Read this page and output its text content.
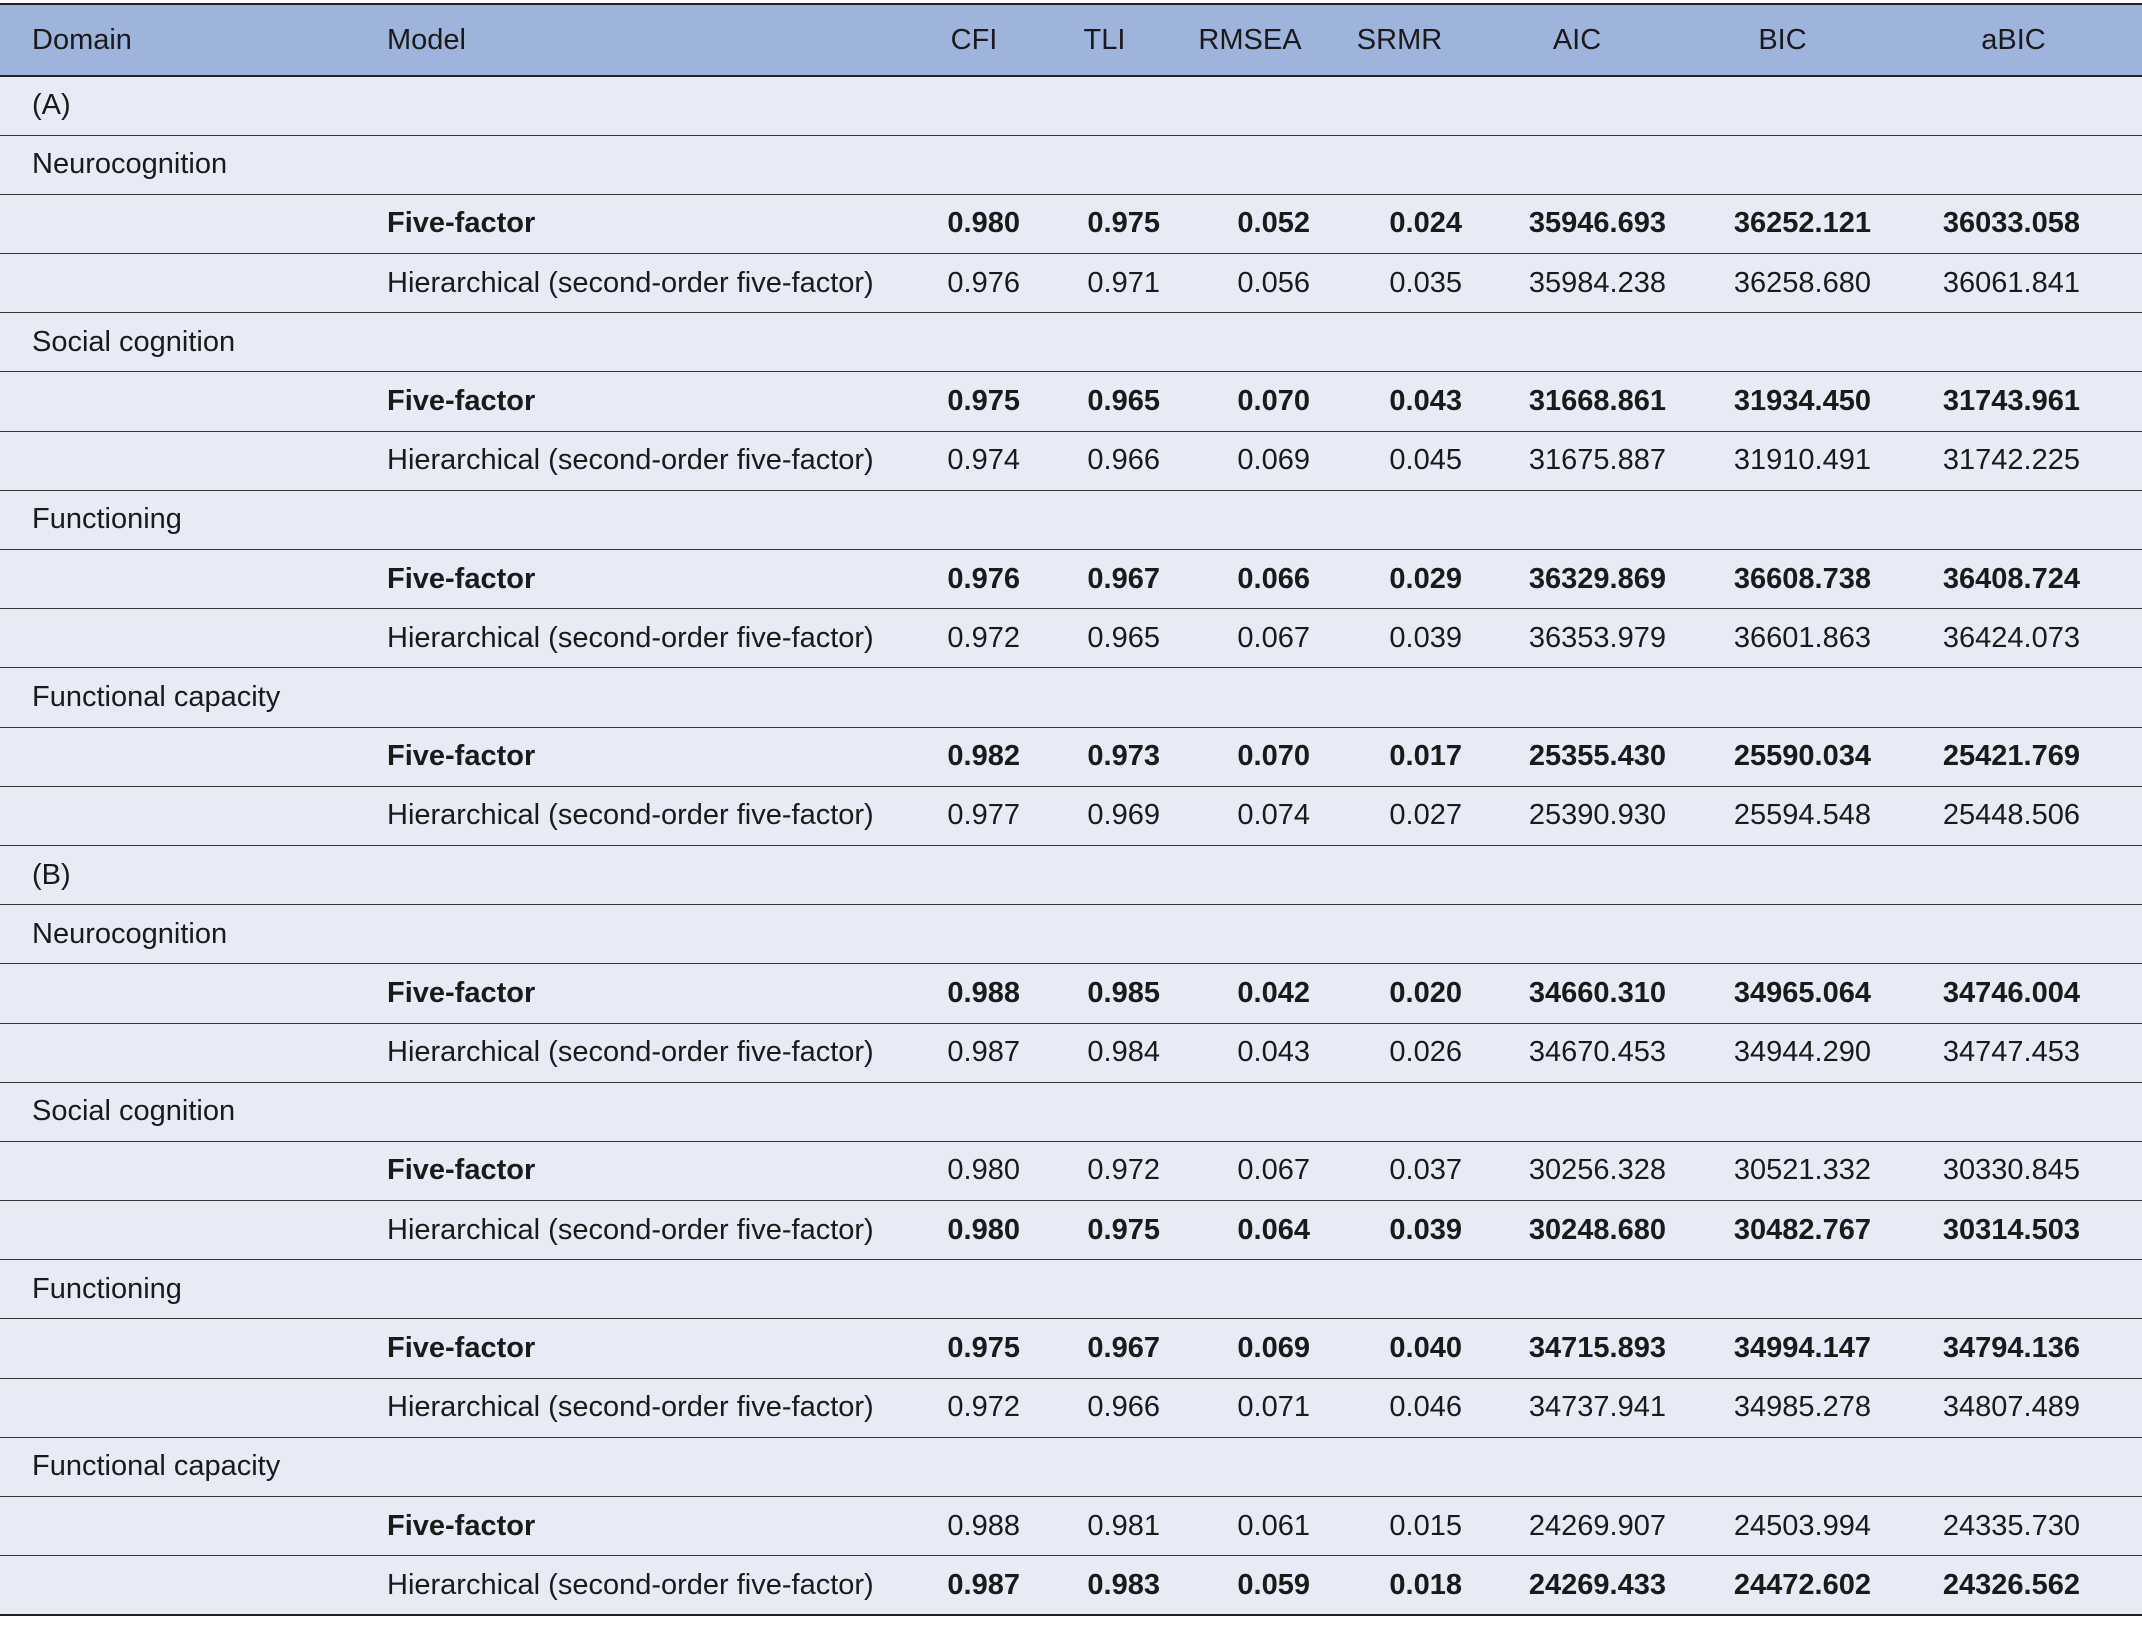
Domain	Model	CFI	TLI	RMSEA	SRMR	AIC	BIC	aBIC
(A)								
Neurocognition								
	Five-factor	0.980	0.975	0.052	0.024	35946.693	36252.121	36033.058
	Hierarchical (second-order five-factor)	0.976	0.971	0.056	0.035	35984.238	36258.680	36061.841
Social cognition								
	Five-factor	0.975	0.965	0.070	0.043	31668.861	31934.450	31743.961
	Hierarchical (second-order five-factor)	0.974	0.966	0.069	0.045	31675.887	31910.491	31742.225
Functioning								
	Five-factor	0.976	0.967	0.066	0.029	36329.869	36608.738	36408.724
	Hierarchical (second-order five-factor)	0.972	0.965	0.067	0.039	36353.979	36601.863	36424.073
Functional capacity								
	Five-factor	0.982	0.973	0.070	0.017	25355.430	25590.034	25421.769
	Hierarchical (second-order five-factor)	0.977	0.969	0.074	0.027	25390.930	25594.548	25448.506
(B)								
Neurocognition								
	Five-factor	0.988	0.985	0.042	0.020	34660.310	34965.064	34746.004
	Hierarchical (second-order five-factor)	0.987	0.984	0.043	0.026	34670.453	34944.290	34747.453
Social cognition								
	Five-factor	0.980	0.972	0.067	0.037	30256.328	30521.332	30330.845
	Hierarchical (second-order five-factor)	0.980	0.975	0.064	0.039	30248.680	30482.767	30314.503
Functioning								
	Five-factor	0.975	0.967	0.069	0.040	34715.893	34994.147	34794.136
	Hierarchical (second-order five-factor)	0.972	0.966	0.071	0.046	34737.941	34985.278	34807.489
Functional capacity								
	Five-factor	0.988	0.981	0.061	0.015	24269.907	24503.994	24335.730
	Hierarchical (second-order five-factor)	0.987	0.983	0.059	0.018	24269.433	24472.602	24326.562
